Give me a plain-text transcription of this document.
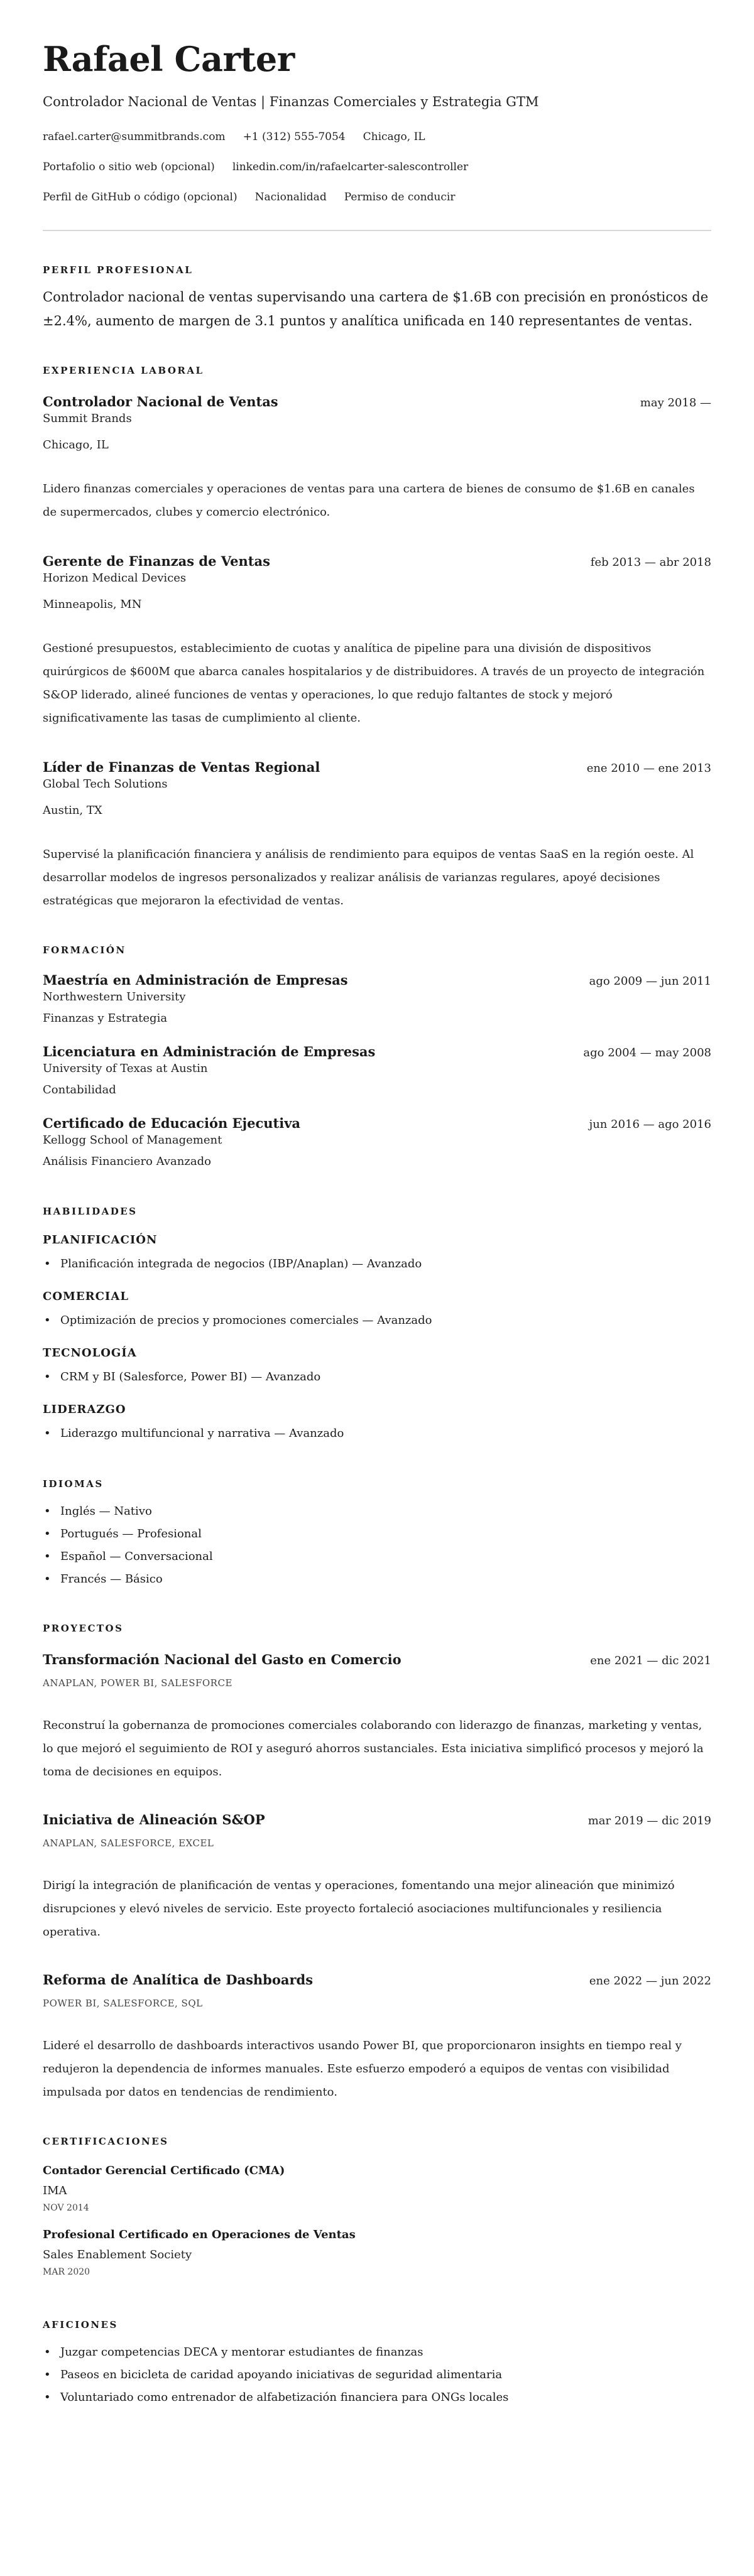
Rafael Carter
Controlador Nacional de Ventas | Finanzas Comerciales y Estrategia GTM
rafael.carter@summitbrands.com +1 (312) 555-7054 Chicago, IL
Portafolio o sitio web (opcional) linkedin.com/in/rafaelcarter-salescontroller
Perfil de GitHub o código (opcional) Nacionalidad Permiso de conducir
PERFIL PROFESIONAL
Controlador nacional de ventas supervisando una cartera de $1.6B con precisión en pronósticos de ±2.4%, aumento de margen de 3.1 puntos y analítica unificada en 140 representantes de ventas.
EXPERIENCIA LABORAL
Controlador Nacional de Ventas	may 2018 —
Summit Brands
Chicago, IL
Lidero finanzas comerciales y operaciones de ventas para una cartera de bienes de consumo de $1.6B en canales de supermercados, clubes y comercio electrónico.
Gerente de Finanzas de Ventas	feb 2013 — abr 2018
Horizon Medical Devices
Minneapolis, MN
Gestioné presupuestos, establecimiento de cuotas y analítica de pipeline para una división de dispositivos quirúrgicos de $600M que abarca canales hospitalarios y de distribuidores. A través de un proyecto de integración S&OP liderado, alineé funciones de ventas y operaciones, lo que redujo faltantes de stock y mejoró significativamente las tasas de cumplimiento al cliente.
Líder de Finanzas de Ventas Regional	ene 2010 — ene 2013
Global Tech Solutions
Austin, TX
Supervisé la planificación financiera y análisis de rendimiento para equipos de ventas SaaS en la región oeste. Al desarrollar modelos de ingresos personalizados y realizar análisis de varianzas regulares, apoyé decisiones estratégicas que mejoraron la efectividad de ventas.
FORMACIÓN
Maestría en Administración de Empresas	ago 2009 — jun 2011
Northwestern University
Finanzas y Estrategia
Licenciatura en Administración de Empresas	ago 2004 — may 2008
University of Texas at Austin
Contabilidad
Certificado de Educación Ejecutiva	jun 2016 — ago 2016
Kellogg School of Management
Análisis Financiero Avanzado
HABILIDADES
PLANIFICACIÓN
• Planificación integrada de negocios (IBP/Anaplan) — Avanzado
COMERCIAL
• Optimización de precios y promociones comerciales — Avanzado
TECNOLOGÍA
• CRM y BI (Salesforce, Power BI) — Avanzado
LIDERAZGO
• Liderazgo multifuncional y narrativa — Avanzado
IDIOMAS
• Inglés — Nativo
• Portugués — Profesional
• Español — Conversacional
• Francés — Básico
PROYECTOS
Transformación Nacional del Gasto en Comercio	ene 2021 — dic 2021
ANAPLAN, POWER BI, SALESFORCE
Reconstruí la gobernanza de promociones comerciales colaborando con liderazgo de finanzas, marketing y ventas, lo que mejoró el seguimiento de ROI y aseguró ahorros sustanciales. Esta iniciativa simplificó procesos y mejoró la toma de decisiones en equipos.
Iniciativa de Alineación S&OP	mar 2019 — dic 2019
ANAPLAN, SALESFORCE, EXCEL
Dirigí la integración de planificación de ventas y operaciones, fomentando una mejor alineación que minimizó disrupciones y elevó niveles de servicio. Este proyecto fortaleció asociaciones multifuncionales y resiliencia operativa.
Reforma de Analítica de Dashboards	ene 2022 — jun 2022
POWER BI, SALESFORCE, SQL
Lideré el desarrollo de dashboards interactivos usando Power BI, que proporcionaron insights en tiempo real y redujeron la dependencia de informes manuales. Este esfuerzo empoderó a equipos de ventas con visibilidad impulsada por datos en tendencias de rendimiento.
CERTIFICACIONES
Contador Gerencial Certificado (CMA)
IMA
NOV 2014
Profesional Certificado en Operaciones de Ventas
Sales Enablement Society
MAR 2020
AFICIONES
• Juzgar competencias DECA y mentorar estudiantes de finanzas
• Paseos en bicicleta de caridad apoyando iniciativas de seguridad alimentaria
• Voluntariado como entrenador de alfabetización financiera para ONGs locales
